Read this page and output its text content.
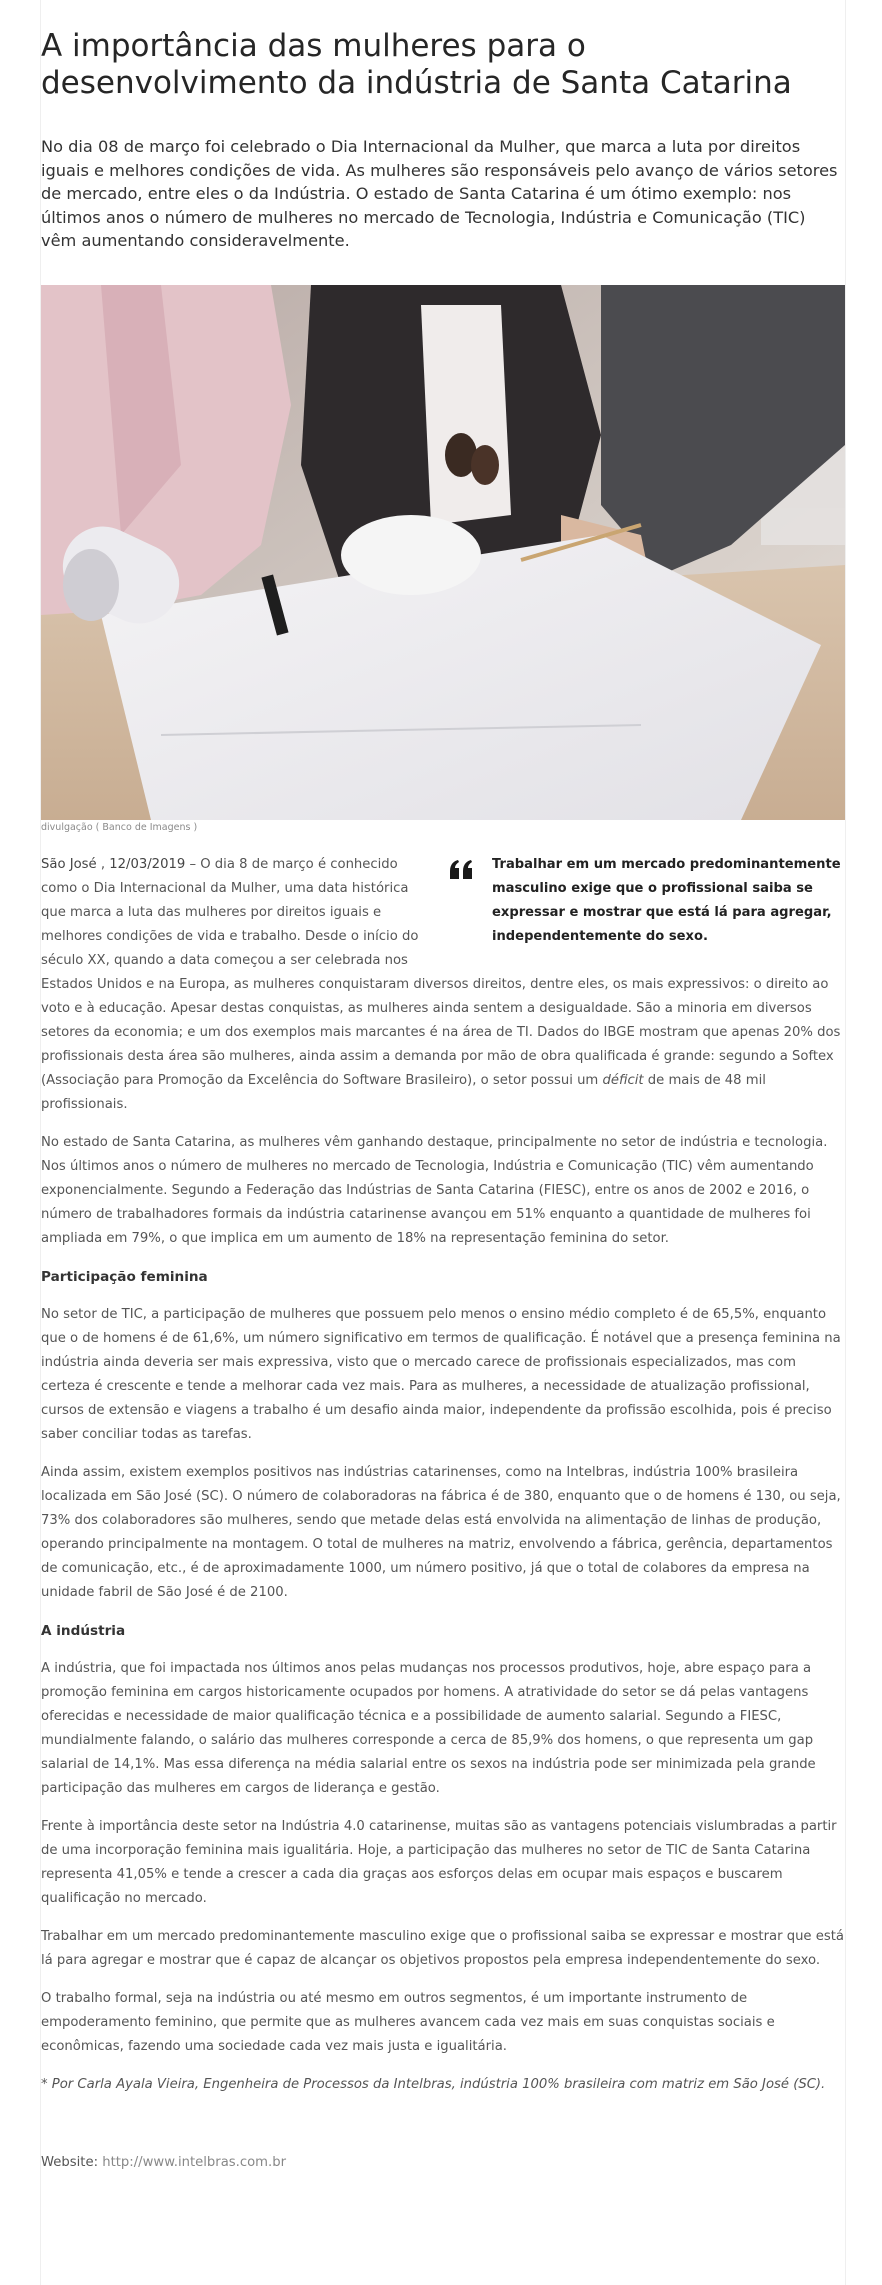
A importância das mulheres para o desenvolvimento da indústria de Santa Catarina

No dia 08 de março foi celebrado o Dia Internacional da Mulher, que marca a luta por direitos iguais e melhores condições de vida. As mulheres são responsáveis pelo avanço de vários setores de mercado, entre eles o da Indústria. O estado de Santa Catarina é um ótimo exemplo: nos últimos anos o número de mulheres no mercado de Tecnologia, Indústria e Comunicação (TIC) vêm aumentando consideravelmente.

divulgação ( Banco de Imagens )

Trabalhar em um mercado predominantemente masculino exige que o profissional saiba se expressar e mostrar que está lá para agregar, independentemente do sexo.

São José , 12/03/2019 – O dia 8 de março é conhecido como o Dia Internacional da Mulher, uma data histórica que marca a luta das mulheres por direitos iguais e melhores condições de vida e trabalho. Desde o início do século XX, quando a data começou a ser celebrada nos Estados Unidos e na Europa, as mulheres conquistaram diversos direitos, dentre eles, os mais expressivos: o direito ao voto e à educação. Apesar destas conquistas, as mulheres ainda sentem a desigualdade. São a minoria em diversos setores da economia; e um dos exemplos mais marcantes é na área de TI. Dados do IBGE mostram que apenas 20% dos profissionais desta área são mulheres, ainda assim a demanda por mão de obra qualificada é grande: segundo a Softex (Associação para Promoção da Excelência do Software Brasileiro), o setor possui um déficit de mais de 48 mil profissionais.

No estado de Santa Catarina, as mulheres vêm ganhando destaque, principalmente no setor de indústria e tecnologia. Nos últimos anos o número de mulheres no mercado de Tecnologia, Indústria e Comunicação (TIC) vêm aumentando exponencialmente. Segundo a Federação das Indústrias de Santa Catarina (FIESC), entre os anos de 2002 e 2016, o número de trabalhadores formais da indústria catarinense avançou em 51% enquanto a quantidade de mulheres foi ampliada em 79%, o que implica em um aumento de 18% na representação feminina do setor.

Participação feminina

No setor de TIC, a participação de mulheres que possuem pelo menos o ensino médio completo é de 65,5%, enquanto que o de homens é de 61,6%, um número significativo em termos de qualificação. É notável que a presença feminina na indústria ainda deveria ser mais expressiva, visto que o mercado carece de profissionais especializados, mas com certeza é crescente e tende a melhorar cada vez mais. Para as mulheres, a necessidade de atualização profissional, cursos de extensão e viagens a trabalho é um desafio ainda maior, independente da profissão escolhida, pois é preciso saber conciliar todas as tarefas.

Ainda assim, existem exemplos positivos nas indústrias catarinenses, como na Intelbras, indústria 100% brasileira localizada em São José (SC). O número de colaboradoras na fábrica é de 380, enquanto que o de homens é 130, ou seja, 73% dos colaboradores são mulheres, sendo que metade delas está envolvida na alimentação de linhas de produção, operando principalmente na montagem. O total de mulheres na matriz, envolvendo a fábrica, gerência, departamentos de comunicação, etc., é de aproximadamente 1000, um número positivo, já que o total de colabores da empresa na unidade fabril de São José é de 2100.

A indústria

A indústria, que foi impactada nos últimos anos pelas mudanças nos processos produtivos, hoje, abre espaço para a promoção feminina em cargos historicamente ocupados por homens. A atratividade do setor se dá pelas vantagens oferecidas e necessidade de maior qualificação técnica e a possibilidade de aumento salarial. Segundo a FIESC, mundialmente falando, o salário das mulheres corresponde a cerca de 85,9% dos homens, o que representa um gap salarial de 14,1%. Mas essa diferença na média salarial entre os sexos na indústria pode ser minimizada pela grande participação das mulheres em cargos de liderança e gestão.

Frente à importância deste setor na Indústria 4.0 catarinense, muitas são as vantagens potenciais vislumbradas a partir de uma incorporação feminina mais igualitária. Hoje, a participação das mulheres no setor de TIC de Santa Catarina representa 41,05% e tende a crescer a cada dia graças aos esforços delas em ocupar mais espaços e buscarem qualificação no mercado.

Trabalhar em um mercado predominantemente masculino exige que o profissional saiba se expressar e mostrar que está lá para agregar e mostrar que é capaz de alcançar os objetivos propostos pela empresa independentemente do sexo.

O trabalho formal, seja na indústria ou até mesmo em outros segmentos, é um importante instrumento de empoderamento feminino, que permite que as mulheres avancem cada vez mais em suas conquistas sociais e econômicas, fazendo uma sociedade cada vez mais justa e igualitária.

* Por Carla Ayala Vieira, Engenheira de Processos da Intelbras, indústria 100% brasileira com matriz em São José (SC).

Website: http://www.intelbras.com.br
